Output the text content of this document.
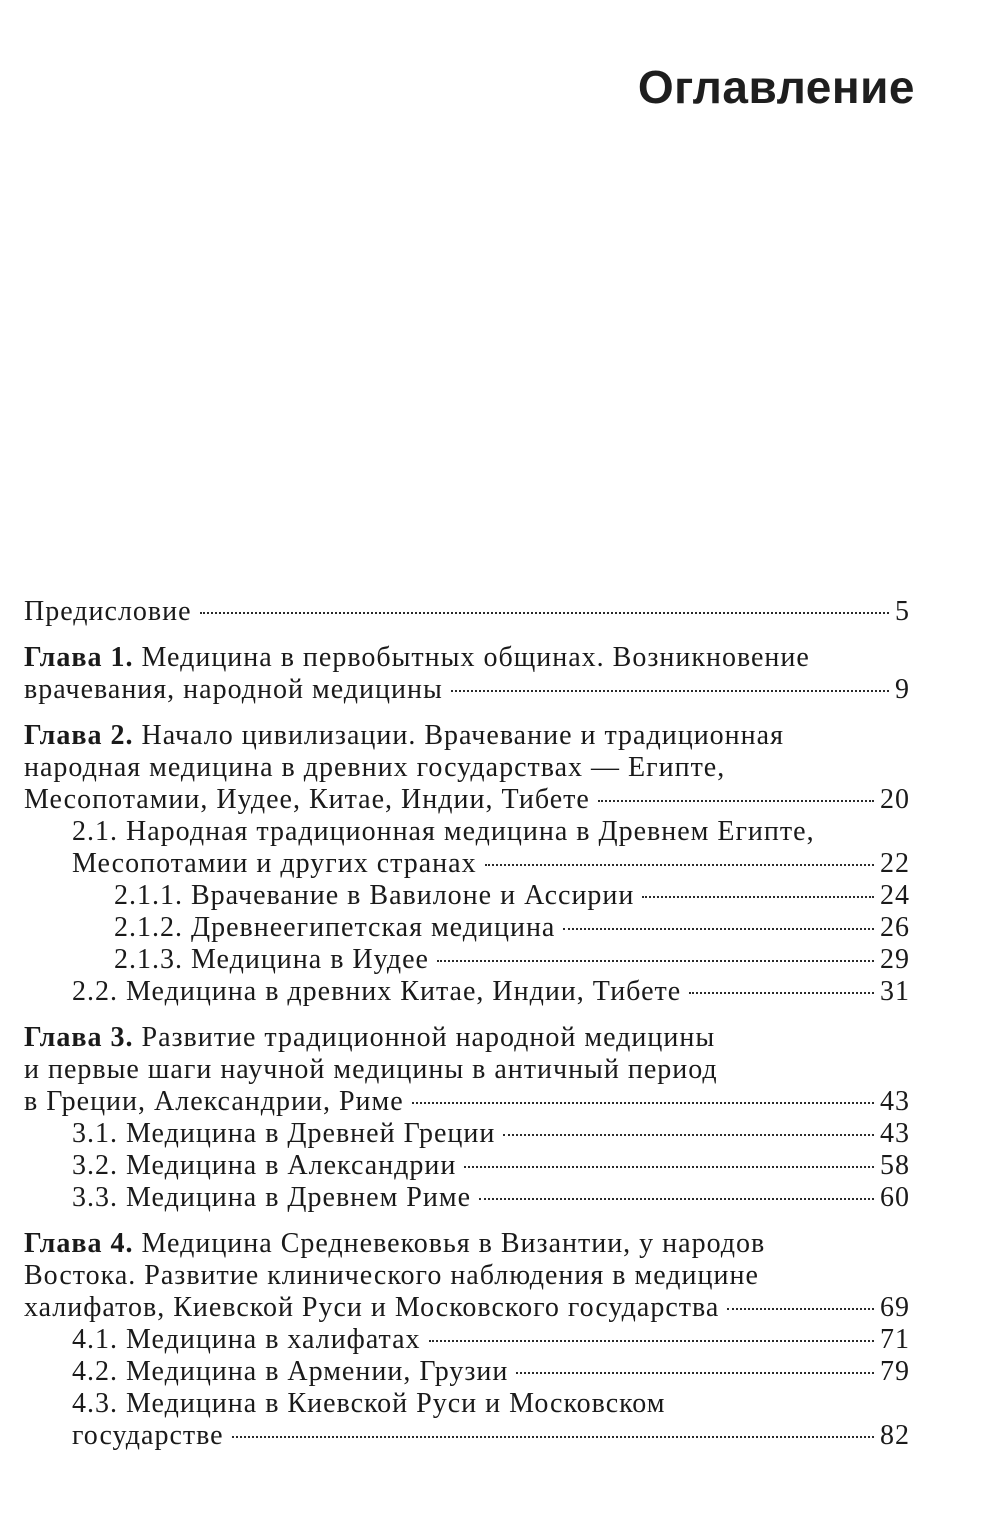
Оглавление
Предисловие	5
Глава 1. Медицина в первобытных общинах. Возникновение
врачевания, народной медицины	9
Глава 2. Начало цивилизации. Врачевание и традиционная
народная медицина в древних государствах — Египте,
Месопотамии, Иудее, Китае, Индии, Тибете	20
2.1. Народная традиционная медицина в Древнем Египте,
Месопотамии и других странах	22
2.1.1. Врачевание в Вавилоне и Ассирии	24
2.1.2. Древнеегипетская медицина	26
2.1.3. Медицина в Иудее	29
2.2. Медицина в древних Китае, Индии, Тибете	31
Глава 3. Развитие традиционной народной медицины
и первые шаги научной медицины в античный период
в Греции, Александрии, Риме	43
3.1. Медицина в Древней Греции	43
3.2. Медицина в Александрии	58
3.3. Медицина в Древнем Риме	60
Глава 4. Медицина Средневековья в Византии, у народов
Востока. Развитие клинического наблюдения в медицине
халифатов, Киевской Руси и Московского государства	69
4.1. Медицина в халифатах	71
4.2. Медицина в Армении, Грузии	79
4.3. Медицина в Киевской Руси и Московском
государстве	82
